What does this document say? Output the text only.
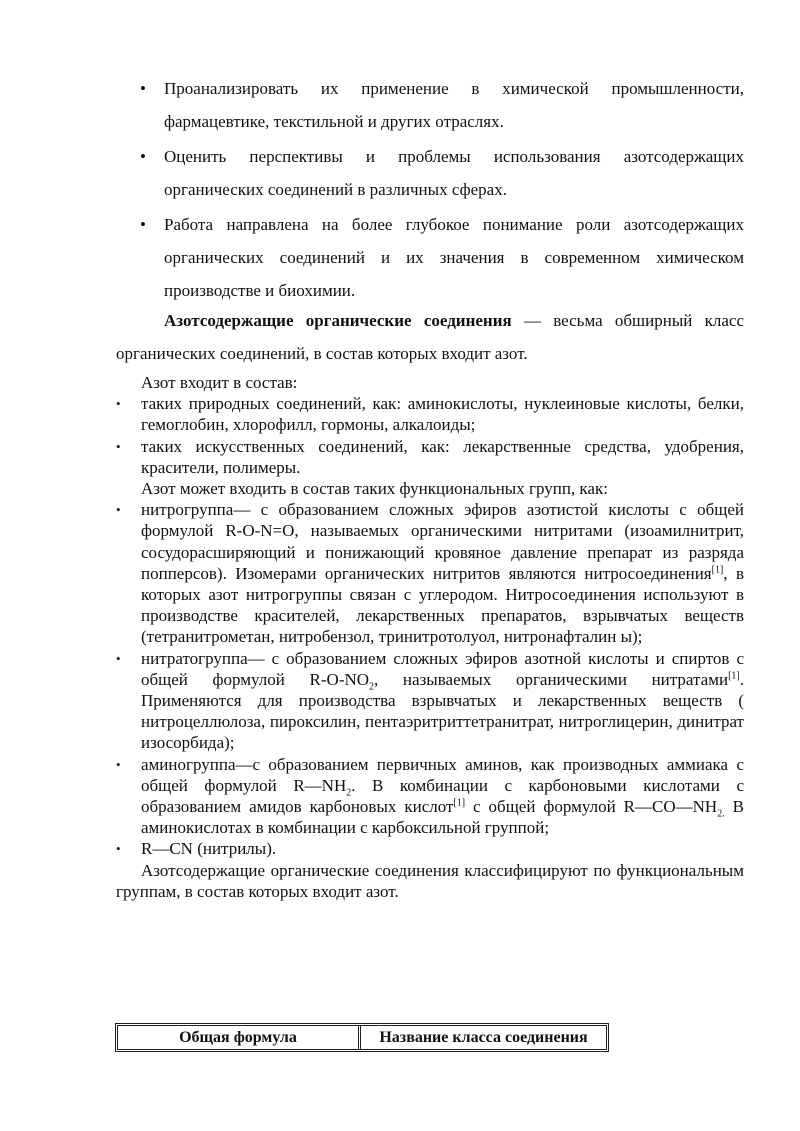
• Проанализировать их применение в химической промышленности, фармацевтике, текстильной и других отраслях.
• Оценить перспективы и проблемы использования азотсодержащих органических соединений в различных сферах.
• Работа направлена на более глубокое понимание роли азотсодержащих органических соединений и их значения в современном химическом производстве и биохимии.
Азотсодержащие органические соединения — весьма обширный класс органических соединений, в состав которых входит азот.
Азот входит в состав:
• таких природных соединений, как: аминокислоты, нуклеиновые кислоты, белки, гемоглобин, хлорофилл, гормоны, алкалоиды;
• таких искусственных соединений, как: лекарственные средства, удобрения, красители, полимеры.
Азот может входить в состав таких функциональных групп, как:
• нитрогруппа— с образованием сложных эфиров азотистой кислоты с общей формулой R-O-N=O, называемых органическими нитритами (изоамилнитрит, сосудорасширяющий и понижающий кровяное давление препарат из разряда попперсов). Изомерами органических нитритов являются нитросоединения[1], в которых азот нитрогруппы связан с углеродом. Нитросоединения используют в производстве красителей, лекарственных препаратов, взрывчатых веществ (тетранитрометан, нитробензол, тринитротолуол, нитронафталин ы);
• нитратогруппа— с образованием сложных эфиров азотной кислоты и спиртов с общей формулой $R-O-NO_2$, называемых органическими нитратами[1]. Применяются для производства взрывчатых и лекарственных веществ ( нитроцеллюлоза, пироксилин, пентаэритриттетранитрат, нитроглицерин, динитрат изосорбида);
• аминогруппа—с образованием первичных аминов, как производных аммиака с общей формулой $R—NH_2$. В комбинации с карбоновыми кислотами с образованием амидов карбоновых кислот[1] с общей формулой $R—CO—NH_{2.}$ В аминокислотах в комбинации с карбоксильной группой;
• R—CN (нитрилы).
Азотсодержащие органические соединения классифицируют по функциональным группам, в состав которых входит азот.
Общая формула	Название класса соединения
